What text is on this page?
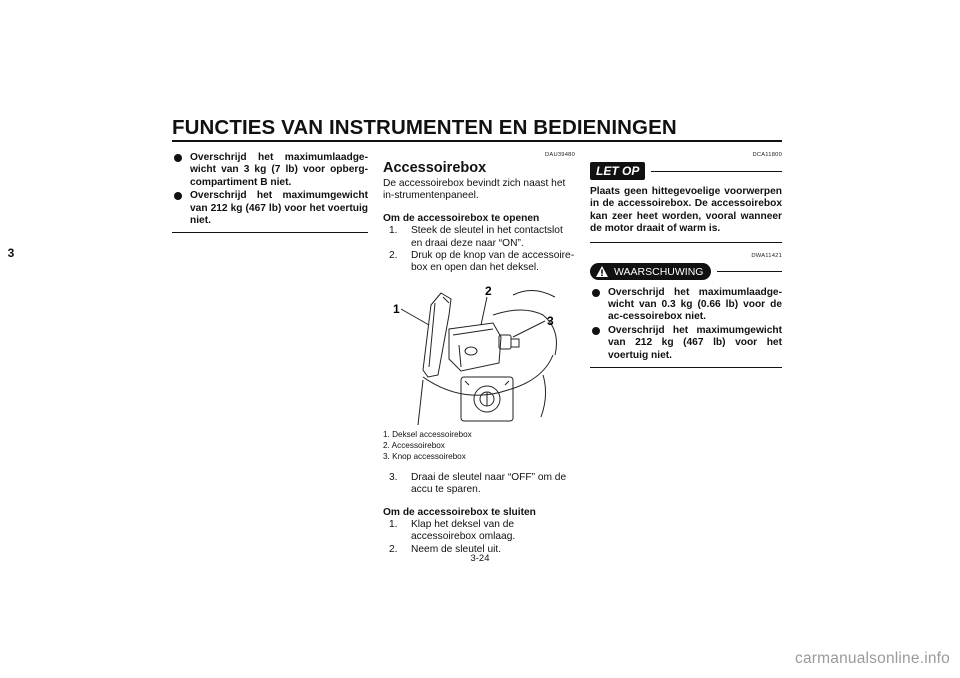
FUNCTIES VAN INSTRUMENTEN EN BEDIENINGEN
3
Overschrijd het maximumlaadge-wicht van 3 kg (7 lb) voor opberg-compartiment B niet.
Overschrijd het maximumgewicht van 212 kg (467 lb) voor het voertuig niet.
DAU39480
Accessoirebox

De accessoirebox bevindt zich naast het in-strumentenpaneel.

Om de accessoirebox te openen

1. Steek de sleutel in het contactslot en draai deze naar “ON”.
2. Druk op de knop van de accessoire-box en open dan het deksel.
1
2
3
1. Deksel accessoirebox
2. Accessoirebox
3. Knop accessoirebox
3. Draai de sleutel naar “OFF” om de accu te sparen.

Om de accessoirebox te sluiten

1. Klap het deksel van de accessoirebox omlaag.
2. Neem de sleutel uit.
DCA11800
LET OP

Plaats geen hittegevoelige voorwerpen in de accessoirebox. De accessoirebox kan zeer heet worden, vooral wanneer de motor draait of warm is.

DWA11421
WAARSCHUWING
Overschrijd het maximumlaadge-wicht van 0.3 kg (0.66 lb) voor de ac-cessoirebox niet.
Overschrijd het maximumgewicht van 212 kg (467 lb) voor het voertuig niet.
3-24
carmanualsonline.info
